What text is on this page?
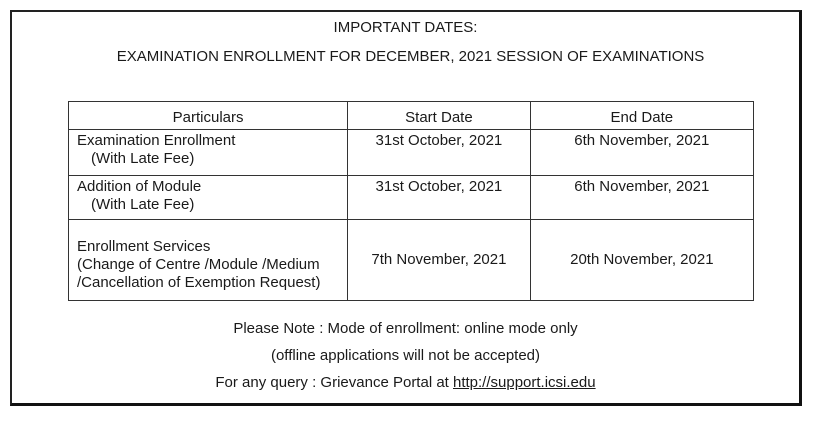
IMPORTANT DATES:
EXAMINATION ENROLLMENT FOR DECEMBER, 2021 SESSION OF EXAMINATIONS
Particulars	Start Date	End Date

Examination Enrollment
(With Late Fee)	31st October, 2021	6th November, 2021

Addition of Module
(With Late Fee)	31st October, 2021	6th November, 2021

Enrollment Services
(Change of Centre /Module /Medium
/Cancellation of Exemption Request)	7th November, 2021	20th November, 2021
Please Note : Mode of enrollment: online mode only
(offline applications will not be accepted)
For any query : Grievance Portal at http://support.icsi.edu
